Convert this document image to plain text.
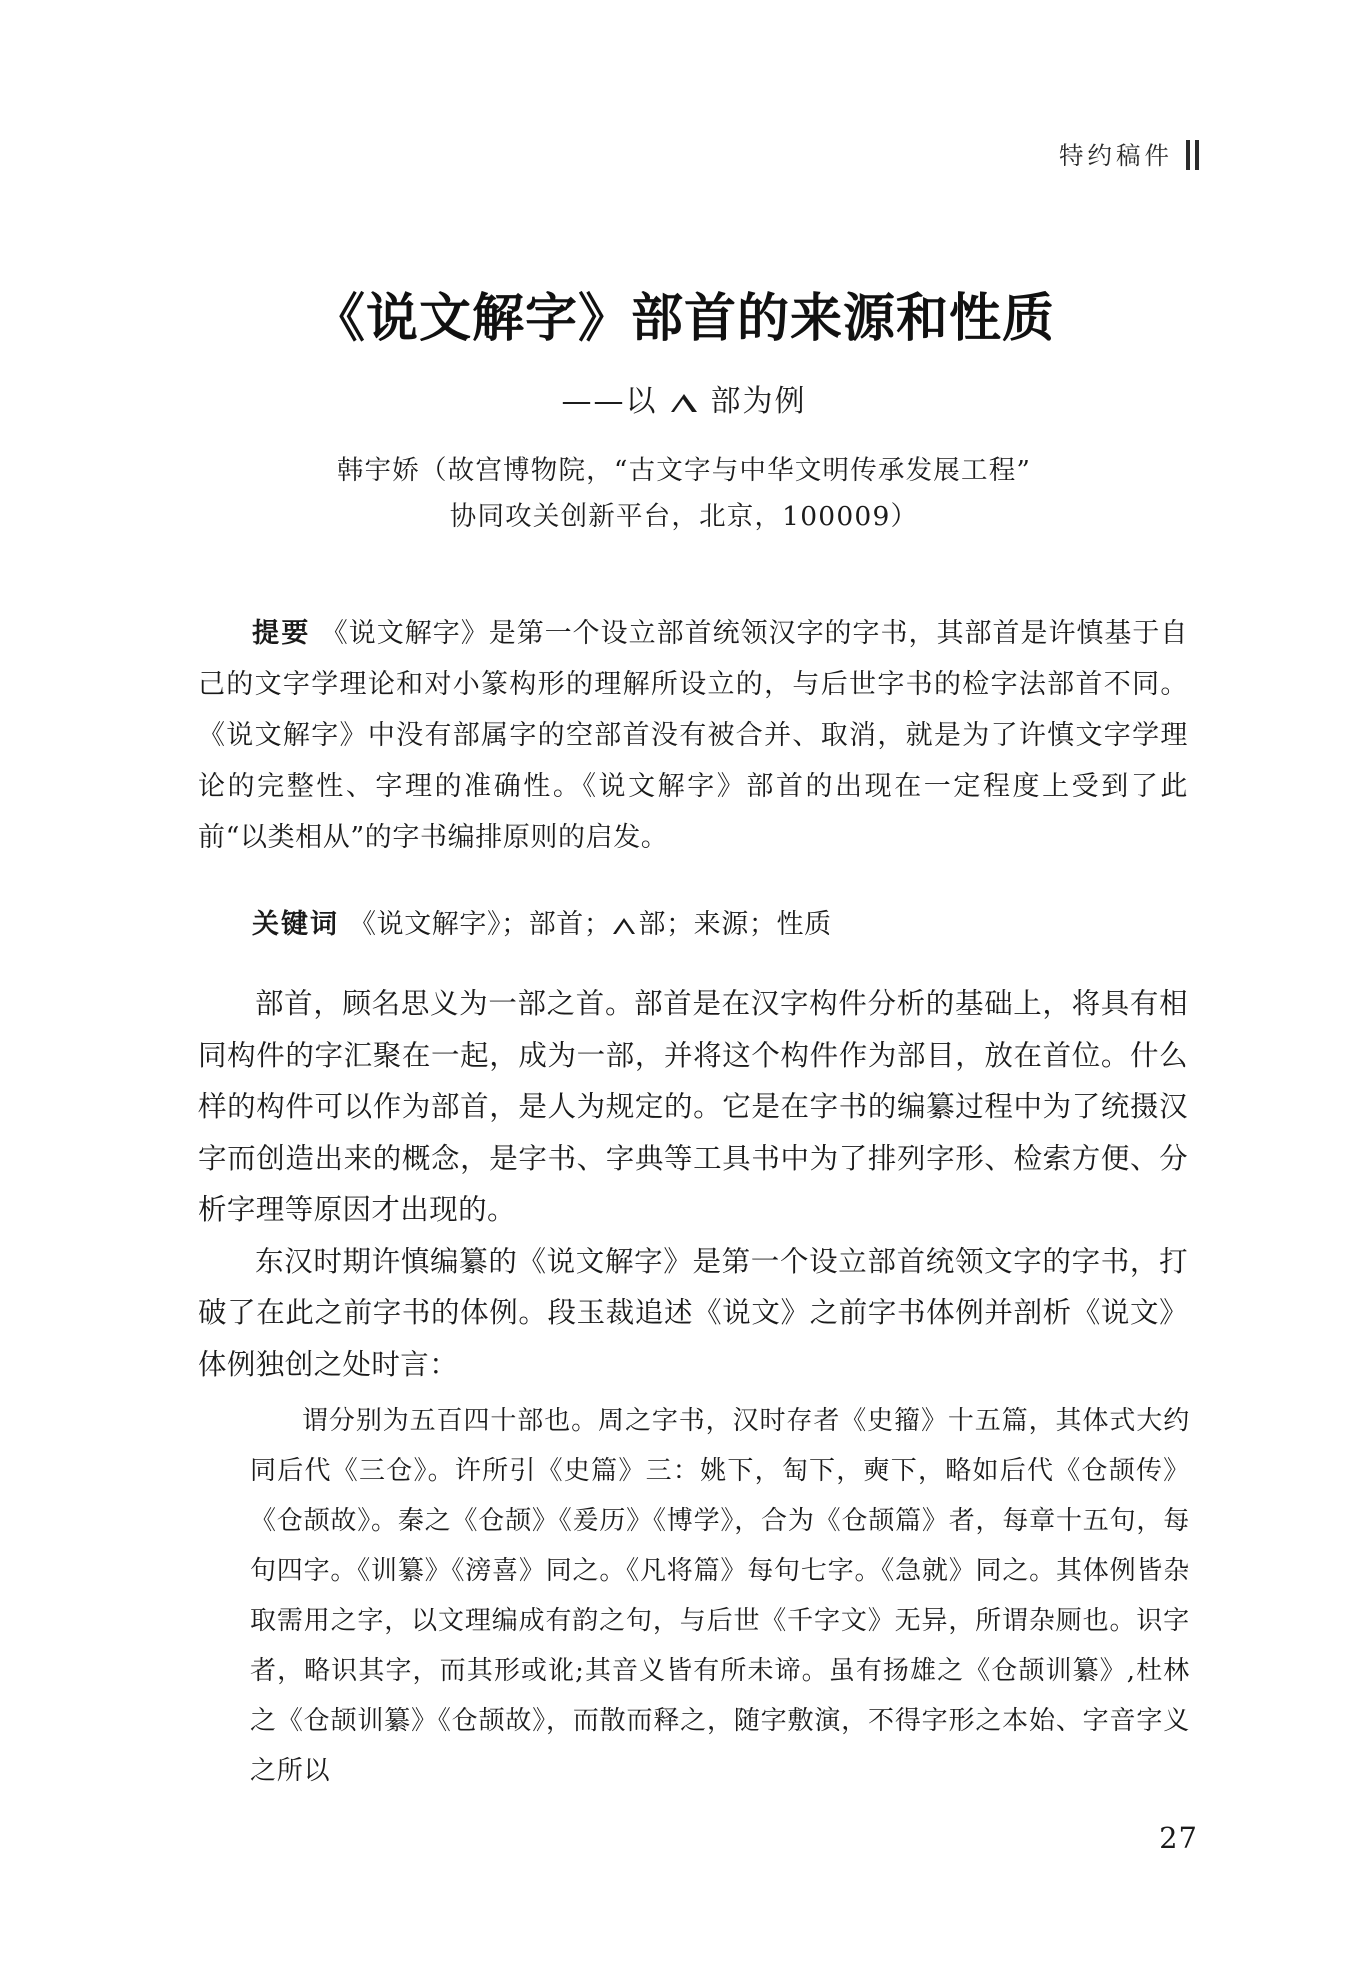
特约稿件
《说文解字》部首的来源和性质
——以 部为例
韩宇娇（故宫博物院，“古文字与中华文明传承发展工程”
协同攻关创新平台，北京，100009）

提要 《说文解字》是第一个设立部首统领汉字的字书，其部首是许慎基于自己的文字学理论和对小篆构形的理解所设立的，与后世字书的检字法部首不同。《说文解字》中没有部属字的空部首没有被合并、取消，就是为了许慎文字学理论的完整性、字理的准确性。《说文解字》部首的出现在一定程度上受到了此前“以类相从”的字书编排原则的启发。

关键词 《说文解字》；部首； 部；来源；性质

部首，顾名思义为一部之首。部首是在汉字构件分析的基础上，将具有相同构件的字汇聚在一起，成为一部，并将这个构件作为部目，放在首位。什么样的构件可以作为部首，是人为规定的。它是在字书的编纂过程中为了统摄汉字而创造出来的概念，是字书、字典等工具书中为了排列字形、检索方便、分析字理等原因才出现的。

东汉时期许慎编纂的《说文解字》是第一个设立部首统领文字的字书，打破了在此之前字书的体例。段玉裁追述《说文》之前字书体例并剖析《说文》体例独创之处时言：

谓分别为五百四十部也。周之字书，汉时存者《史籀》十五篇，其体式大约同后代《三仓》。许所引《史篇》三：姚下，匋下，奭下，略如后代《仓颉传》《仓颉故》。秦之《仓颉》《爰历》《博学》，合为《仓颉篇》者，每章十五句，每句四字。《训纂》《滂喜》同之。《凡将篇》每句七字。《急就》同之。其体例皆杂取需用之字，以文理编成有韵之句，与后世《千字文》无异，所谓杂厕也。识字者，略识其字，而其形或讹;其音义皆有所未谛。虽有扬雄之《仓颉训纂》,杜林之《仓颉训纂》《仓颉故》，而散而释之，随字敷演，不得字形之本始、字音字义之所以

27
